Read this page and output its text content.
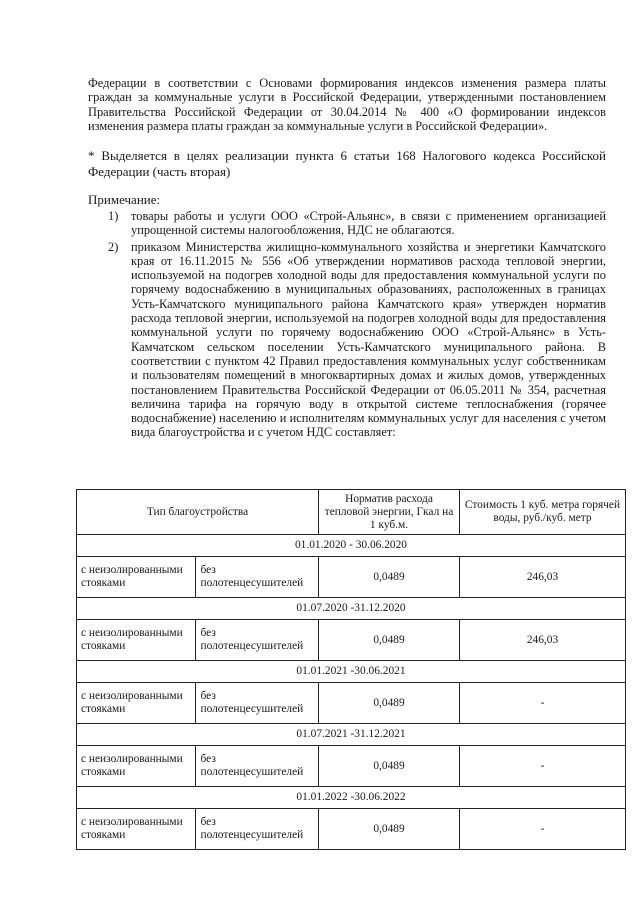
Федерации в соответствии с Основами формирования индексов изменения размера платы граждан за коммунальные услуги в Российской Федерации, утвержденными постановлением Правительства Российской Федерации от 30.04.2014 № 400 «О формировании индексов изменения размера платы граждан за коммунальные услуги в Российской Федерации».
* Выделяется в целях реализации пункта 6 статьи 168 Налогового кодекса Российской Федерации (часть вторая)
Примечание:
1) товары работы и услуги ООО «Строй-Альянс», в связи с применением организацией упрощенной системы налогообложения, НДС не облагаются.
2) приказом Министерства жилищно-коммунального хозяйства и энергетики Камчатского края от 16.11.2015 № 556 «Об утверждении нормативов расхода тепловой энергии, используемой на подогрев холодной воды для предоставления коммунальной услуги по горячему водоснабжению в муниципальных образованиях, расположенных в границах Усть-Камчатского муниципального района Камчатского края» утвержден норматив расхода тепловой энергии, используемой на подогрев холодной воды для предоставления коммунальной услуги по горячему водоснабжению ООО «Строй-Альянс» в Усть-Камчатском сельском поселении Усть-Камчатского муниципального района. В соответствии с пунктом 42 Правил предоставления коммунальных услуг собственникам и пользователям помещений в многоквартирных домах и жилых домов, утвержденных постановлением Правительства Российской Федерации от 06.05.2011 № 354, расчетная величина тарифа на горячую воду в открытой системе теплоснабжения (горячее водоснабжение) населению и исполнителям коммунальных услуг для населения с учетом вида благоустройства и с учетом НДС составляет:
Тип благоустройства		Норматив расхода тепловой энергии, Гкал на 1 куб.м.	Стоимость 1 куб. метра горячей воды, руб./куб. метр
01.01.2020 - 30.06.2020			
с неизолированными стояками	без полотенцесушителей	0,0489	246,03
01.07.2020 -31.12.2020			
с неизолированными стояками	без полотенцесушителей	0,0489	246,03
01.01.2021 -30.06.2021			
с неизолированными стояками	без полотенцесушителей	0,0489	-
01.07.2021 -31.12.2021			
с неизолированными стояками	без полотенцесушителей	0,0489	-
01.01.2022 -30.06.2022			
с неизолированными стояками	без полотенцесушителей	0,0489	-
